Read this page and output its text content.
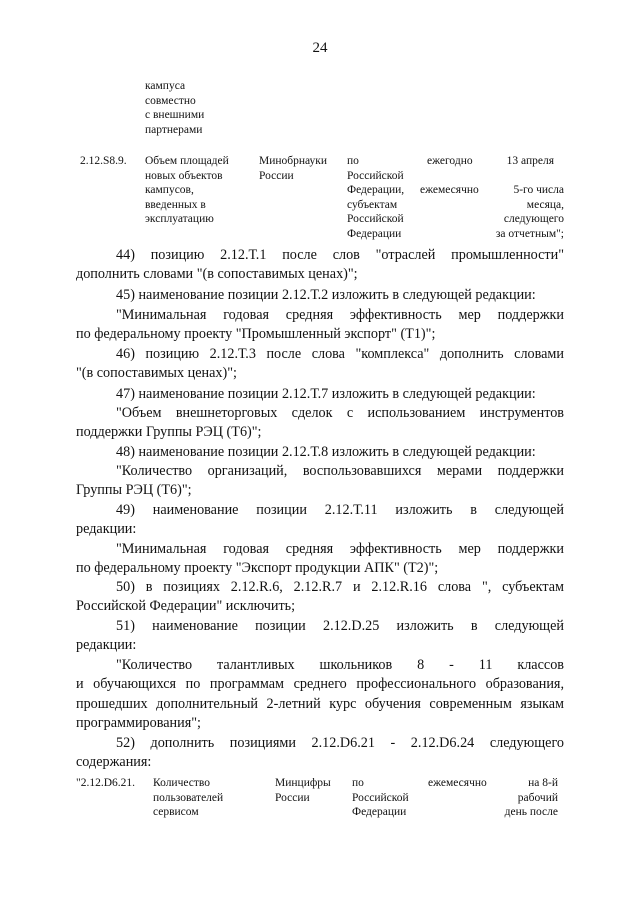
24
кампуса
совместно
с внешними
партнерами
2.12.S8.9. Объем площадей
новых объектов
кампусов,
введенных в
эксплуатацию
Минобрнауки
России
по
Российской
Федерации,
субъектам
Российской
Федерации
ежегодно
ежемесячно
13 апреля
5-го числа
месяца,
следующего
за отчетным";
44) позицию 2.12.Т.1 после слов "отраслей промышленности"
дополнить словами "(в сопоставимых ценах)";
45) наименование позиции 2.12.Т.2 изложить в следующей редакции:
"Минимальная годовая средняя эффективность мер поддержки
по федеральному проекту "Промышленный экспорт" (Т1)";
46) позицию 2.12.Т.3 после слова "комплекса" дополнить словами
"(в сопоставимых ценах)";
47) наименование позиции 2.12.Т.7 изложить в следующей редакции:
"Объем внешнеторговых сделок с использованием инструментов
поддержки Группы РЭЦ (Т6)";
48) наименование позиции 2.12.Т.8 изложить в следующей редакции:
"Количество организаций, воспользовавшихся мерами поддержки
Группы РЭЦ (Т6)";
49) наименование позиции 2.12.Т.11 изложить в следующей
редакции:
"Минимальная годовая средняя эффективность мер поддержки
по федеральному проекту "Экспорт продукции АПК" (Т2)";
50) в позициях 2.12.R.6, 2.12.R.7 и 2.12.R.16 слова ", субъектам
Российской Федерации" исключить;
51) наименование позиции 2.12.D.25 изложить в следующей
редакции:
"Количество талантливых школьников 8 - 11 классов
и обучающихся по программам среднего профессионального образования,
прошедших дополнительный 2-летний курс обучения современным языкам
программирования";
52) дополнить позициями 2.12.D6.21 - 2.12.D6.24 следующего
содержания:
"2.12.D6.21. Количество
пользователей
сервисом
Минцифры
России
по
Российской
Федерации
ежемесячно	на 8-й
рабочий
день после
